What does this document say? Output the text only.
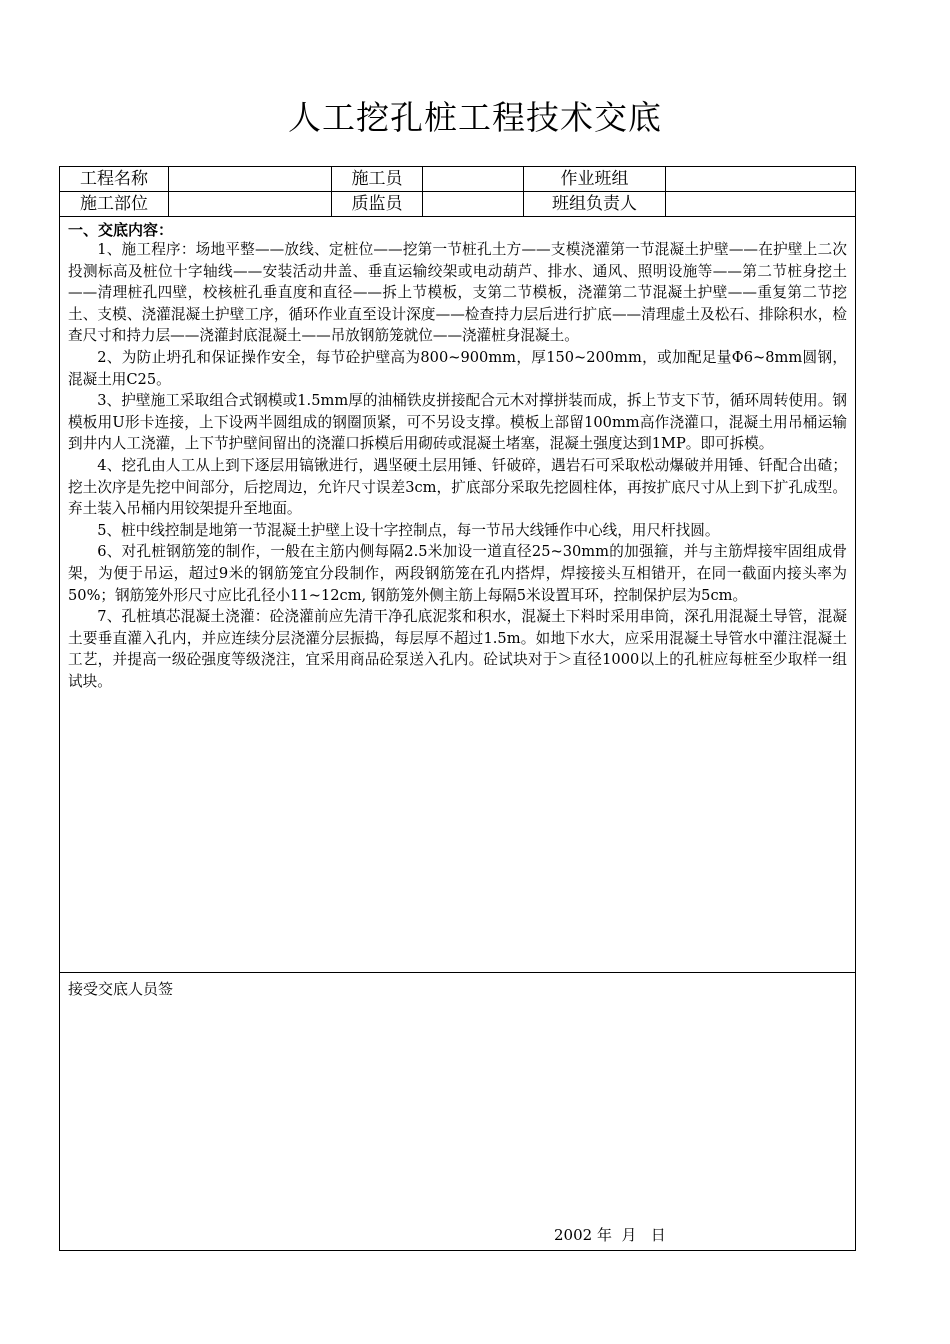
人工挖孔桩工程技术交底
工程名称	施工员	作业班组
施工部位	质监员	班组负责人
一、交底内容：

1、施工程序：场地平整——放线、定桩位——挖第一节桩孔土方——支模浇灌第一节混凝土护壁——在护壁上二次投测标高及桩位十字轴线——安装活动井盖、垂直运输绞架或电动葫芦、排水、通风、照明设施等——第二节桩身挖土——清理桩孔四壁，校核桩孔垂直度和直径——拆上节模板，支第二节模板，浇灌第二节混凝土护壁——重复第二节挖土、支模、浇灌混凝土护壁工序，循环作业直至设计深度——检查持力层后进行扩底——清理虚土及松石、排除积水，检查尺寸和持力层——浇灌封底混凝土——吊放钢筋笼就位——浇灌桩身混凝土。

2、为防止坍孔和保证操作安全，每节砼护壁高为800~900mm，厚150~200mm，或加配足量Φ6~8mm圆钢，混凝土用C25。

3、护壁施工采取组合式钢模或1.5mm厚的油桶铁皮拼接配合元木对撑拼装而成，拆上节支下节，循环周转使用。钢模板用U形卡连接，上下设两半圆组成的钢圈顶紧，可不另设支撑。模板上部留100mm高作浇灌口，混凝土用吊桶运输到井内人工浇灌，上下节护壁间留出的浇灌口拆模后用砌砖或混凝土堵塞，混凝土强度达到1MP。即可拆模。

4、挖孔由人工从上到下逐层用镐锹进行，遇坚硬土层用锤、钎破碎，遇岩石可采取松动爆破并用锤、钎配合出碴；挖土次序是先挖中间部分，后挖周边，允许尺寸误差3cm，扩底部分采取先挖圆柱体，再按扩底尺寸从上到下扩孔成型。弃土装入吊桶内用铰架提升至地面。

5、桩中线控制是地第一节混凝土护壁上设十字控制点，每一节吊大线锤作中心线，用尺杆找圆。

6、对孔桩钢筋笼的制作，一般在主筋内侧每隔2.5米加设一道直径25~30mm的加强箍，并与主筋焊接牢固组成骨架，为便于吊运，超过9米的钢筋笼宜分段制作，两段钢筋笼在孔内搭焊，焊接接头互相错开，在同一截面内接头率为50%；钢筋笼外形尺寸应比孔径小11~12cm, 钢筋笼外侧主筋上每隔5米设置耳环，控制保护层为5cm。

7、孔桩填芯混凝土浇灌：砼浇灌前应先清干净孔底泥浆和积水，混凝土下料时采用串筒，深孔用混凝土导管，混凝土要垂直灌入孔内，并应连续分层浇灌分层振捣，每层厚不超过1.5m。如地下水大，应采用混凝土导管水中灌注混凝土工艺，并提高一级砼强度等级浇注，宜采用商品砼泵送入孔内。砼试块对于＞直径1000以上的孔桩应每桩至少取样一组试块。

接受交底人员签
2002 年  月   日
